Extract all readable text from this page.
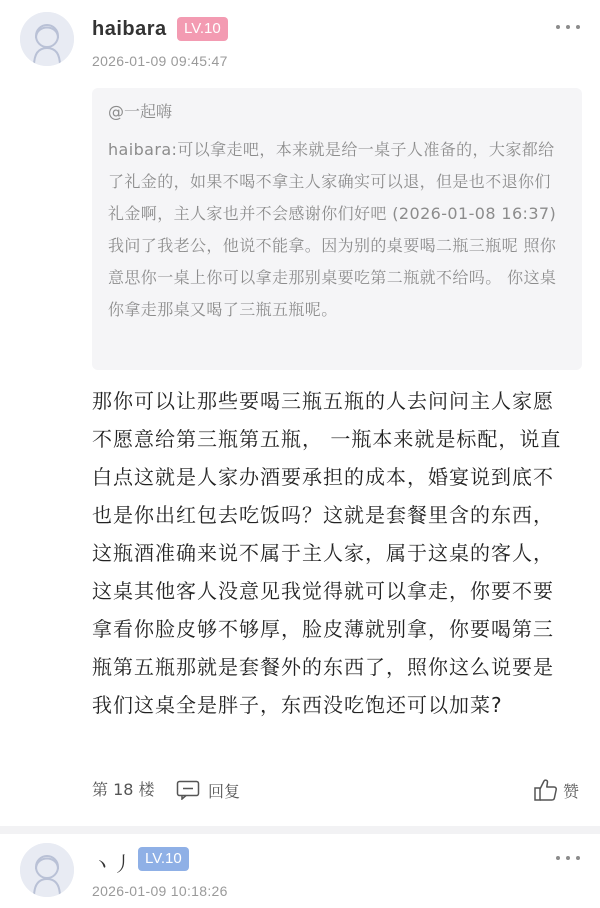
haibara	LV.10
2026-01-09 09:45:47
@一起嗨
haibara:可以拿走吧，本来就是给一桌子人准备的，大家都给了礼金的，如果不喝不拿主人家确实可以退，但是也不退你们礼金啊，主人家也并不会感谢你们好吧 (2026-01-08 16:37) 我问了我老公，他说不能拿。因为别的桌要喝二瓶三瓶呢 照你意思你一桌上你可以拿走那别桌要吃第二瓶就不给吗。 你这桌你拿走那桌又喝了三瓶五瓶呢。
那你可以让那些要喝三瓶五瓶的人去问问主人家愿不愿意给第三瓶第五瓶， 一瓶本来就是标配，说直白点这就是人家办酒要承担的成本，婚宴说到底不也是你出红包去吃饭吗？这就是套餐里含的东西，这瓶酒准确来说不属于主人家，属于这桌的客人，这桌其他客人没意见我觉得就可以拿走，你要不要拿看你脸皮够不够厚，脸皮薄就别拿，你要喝第三瓶第五瓶那就是套餐外的东西了，照你这么说要是我们这桌全是胖子，东西没吃饱还可以加菜?
第 18 楼	回复	赞
ヽ丿 LV.10
2026-01-09 10:18:26
